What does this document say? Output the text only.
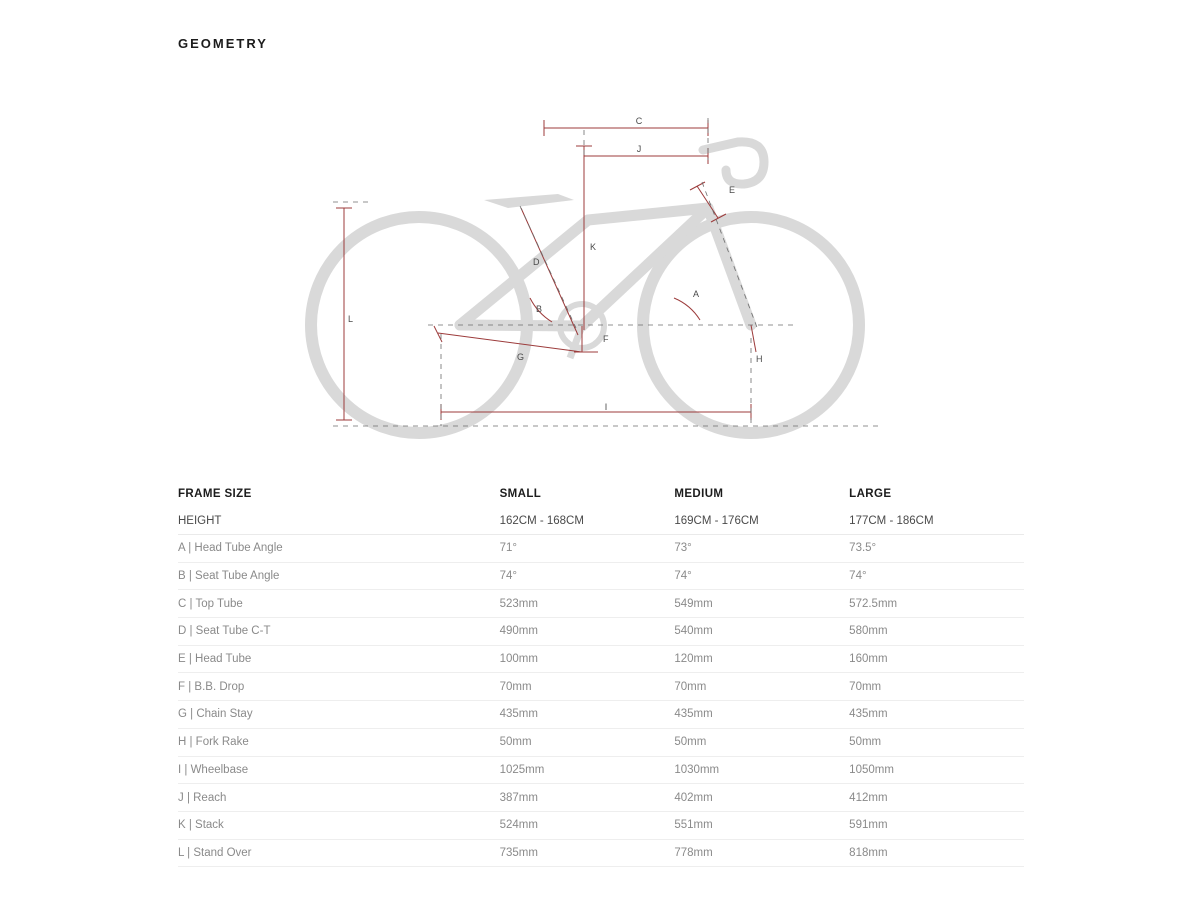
GEOMETRY
C
J
E
K
D
B
A
G
F
H
I
L
FRAME SIZE	SMALL	MEDIUM	LARGE
HEIGHT	162CM - 168CM	169CM - 176CM	177CM - 186CM
A | Head Tube Angle	71°	73°	73.5°
B | Seat Tube Angle	74°	74°	74°
C | Top Tube	523mm	549mm	572.5mm
D | Seat Tube C-T	490mm	540mm	580mm
E | Head Tube	100mm	120mm	160mm
F | B.B. Drop	70mm	70mm	70mm
G | Chain Stay	435mm	435mm	435mm
H | Fork Rake	50mm	50mm	50mm
I | Wheelbase	1025mm	1030mm	1050mm
J | Reach	387mm	402mm	412mm
K | Stack	524mm	551mm	591mm
L | Stand Over	735mm	778mm	818mm
